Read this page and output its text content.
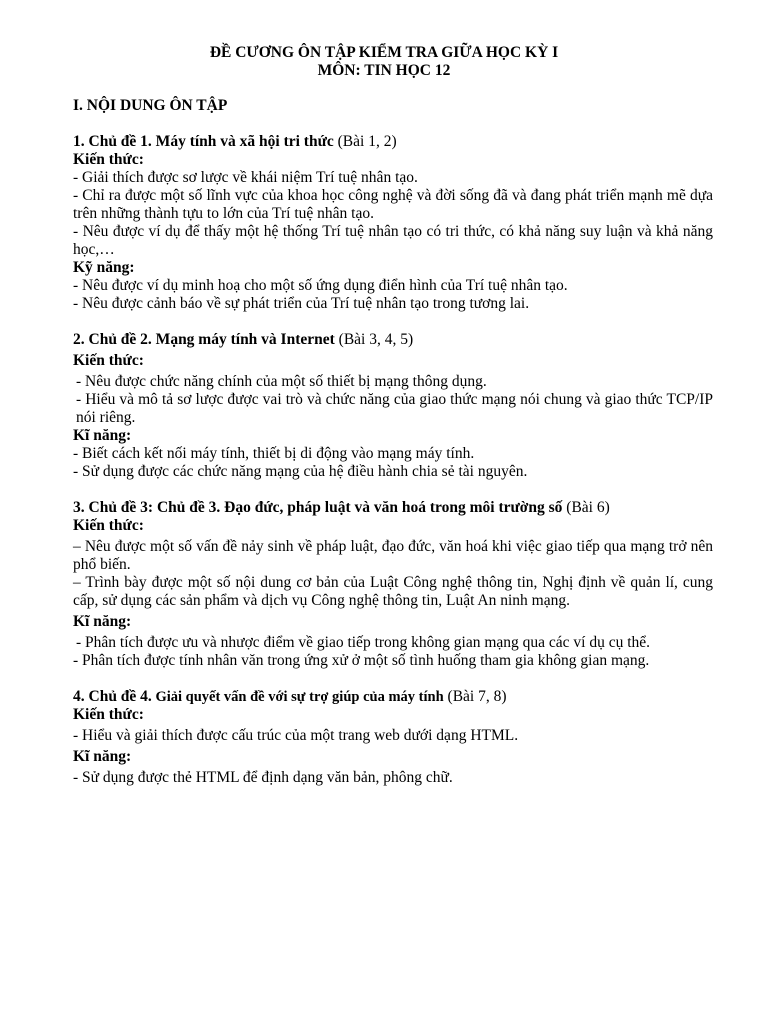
ĐỀ CƯƠNG ÔN TẬP KIỂM TRA GIỮA HỌC KỲ I
MÔN: TIN HỌC 12
I. NỘI DUNG ÔN TẬP
1. Chủ đề 1. Máy tính và xã hội tri thức (Bài 1, 2)
Kiến thức:
- Giải thích được sơ lược về khái niệm Trí tuệ nhân tạo.
- Chỉ ra được một số lĩnh vực của khoa học công nghệ và đời sống đã và đang phát triển mạnh mẽ dựa trên những thành tựu to lớn của Trí tuệ nhân tạo.
- Nêu được ví dụ để thấy một hệ thống Trí tuệ nhân tạo có tri thức, có khả năng suy luận và khả năng học,…
Kỹ năng:
- Nêu được ví dụ minh hoạ cho một số ứng dụng điển hình của Trí tuệ nhân tạo.
- Nêu được cảnh báo về sự phát triển của Trí tuệ nhân tạo trong tương lai.
2. Chủ đề 2. Mạng máy tính và Internet (Bài 3, 4, 5)
Kiến thức:
- Nêu được chức năng chính của một số thiết bị mạng thông dụng.
- Hiểu và mô tả sơ lược được vai trò và chức năng của giao thức mạng nói chung và giao thức TCP/IP nói riêng.
Kĩ năng:
- Biết cách kết nối máy tính, thiết bị di động vào mạng máy tính.
- Sử dụng được các chức năng mạng của hệ điều hành chia sẻ tài nguyên.
3. Chủ đề 3: Chủ đề 3. Đạo đức, pháp luật và văn hoá trong môi trường số (Bài 6)
Kiến thức:
– Nêu được một số vấn đề nảy sinh về pháp luật, đạo đức, văn hoá khi việc giao tiếp qua mạng trở nên phổ biến.
– Trình bày được một số nội dung cơ bản của Luật Công nghệ thông tin, Nghị định về quản lí, cung cấp, sử dụng các sản phẩm và dịch vụ Công nghệ thông tin, Luật An ninh mạng.
Kĩ năng:
- Phân tích được ưu và nhược điểm về giao tiếp trong không gian mạng qua các ví dụ cụ thể.
- Phân tích được tính nhân văn trong ứng xử ở một số tình huống tham gia không gian mạng.
4. Chủ đề 4. Giải quyết vấn đề với sự trợ giúp của máy tính (Bài 7, 8)
Kiến thức:
- Hiểu và giải thích được cấu trúc của một trang web dưới dạng HTML.
Kĩ năng:
- Sử dụng được thẻ HTML để định dạng văn bản, phông chữ.
